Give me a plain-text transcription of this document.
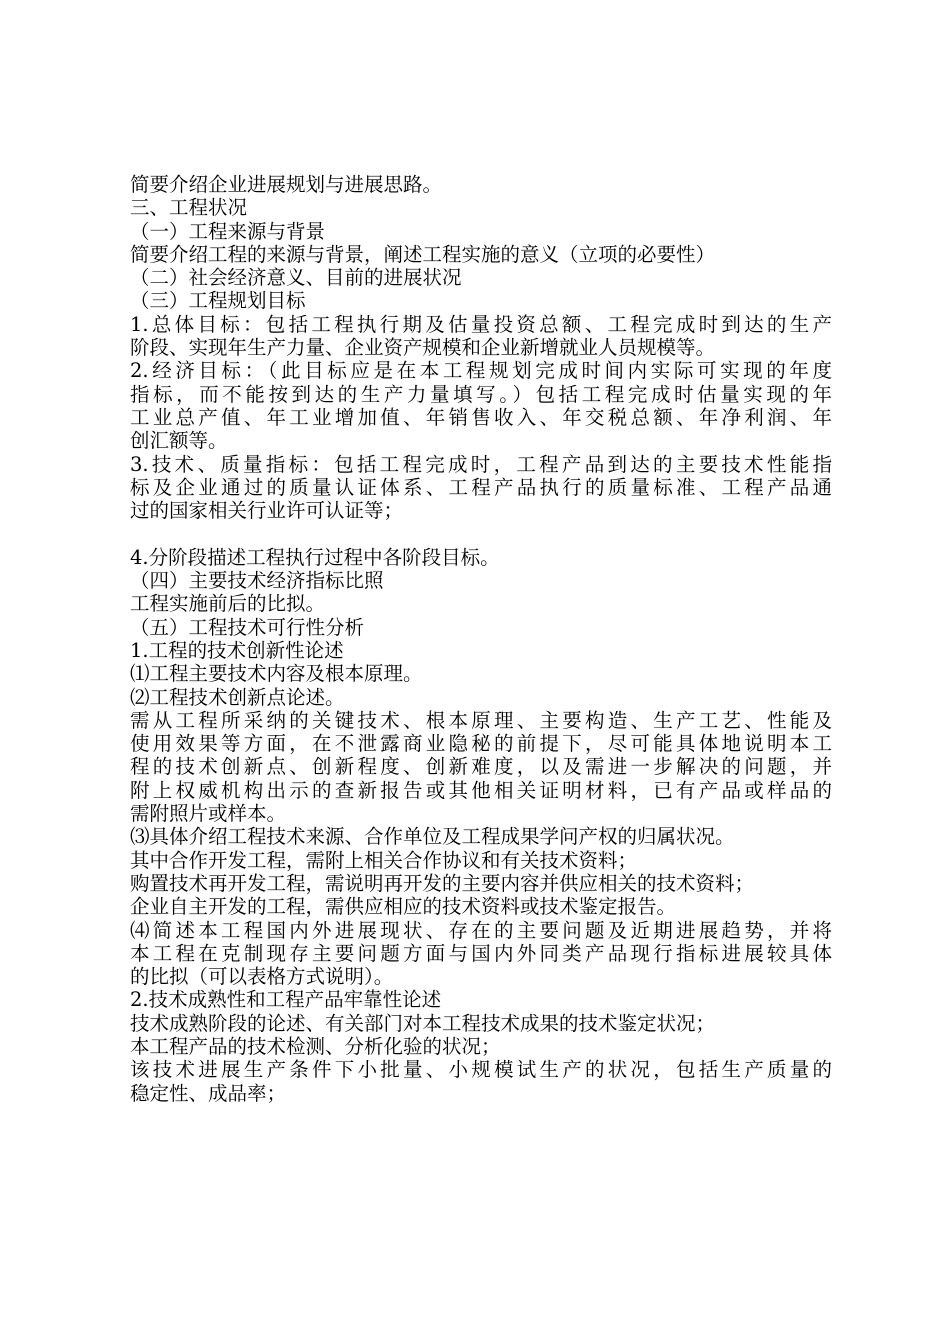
简要介绍企业进展规划与进展思路。
三、工程状况
（一）工程来源与背景
简要介绍工程的来源与背景，阐述工程实施的意义（立项的必要性）
（二）社会经济意义、目前的进展状况
（三）工程规划目标
1.总体目标：包括工程执行期及估量投资总额、工程完成时到达的生产
阶段、实现年生产力量、企业资产规模和企业新增就业人员规模等。
2.经济目标：（此目标应是在本工程规划完成时间内实际可实现的年度
指标，而不能按到达的生产力量填写。）包括工程完成时估量实现的年
工业总产值、年工业增加值、年销售收入、年交税总额、年净利润、年
创汇额等。
3.技术、质量指标：包括工程完成时，工程产品到达的主要技术性能指
标及企业通过的质量认证体系、工程产品执行的质量标准、工程产品通
过的国家相关行业许可认证等；
4.分阶段描述工程执行过程中各阶段目标。
（四）主要技术经济指标比照
工程实施前后的比拟。
（五）工程技术可行性分析
1.工程的技术创新性论述
⑴工程主要技术内容及根本原理。
⑵工程技术创新点论述。
需从工程所采纳的关键技术、根本原理、主要构造、生产工艺、性能及
使用效果等方面，在不泄露商业隐秘的前提下，尽可能具体地说明本工
程的技术创新点、创新程度、创新难度，以及需进一步解决的问题，并
附上权威机构出示的查新报告或其他相关证明材料，已有产品或样品的
需附照片或样本。
⑶具体介绍工程技术来源、合作单位及工程成果学问产权的归属状况。
其中合作开发工程，需附上相关合作协议和有关技术资料；
购置技术再开发工程，需说明再开发的主要内容并供应相关的技术资料；
企业自主开发的工程，需供应相应的技术资料或技术鉴定报告。
⑷简述本工程国内外进展现状、存在的主要问题及近期进展趋势，并将
本工程在克制现存主要问题方面与国内外同类产品现行指标进展较具体
的比拟（可以表格方式说明）。
2.技术成熟性和工程产品牢靠性论述
技术成熟阶段的论述、有关部门对本工程技术成果的技术鉴定状况；
本工程产品的技术检测、分析化验的状况；
该技术进展生产条件下小批量、小规模试生产的状况，包括生产质量的
稳定性、成品率；
